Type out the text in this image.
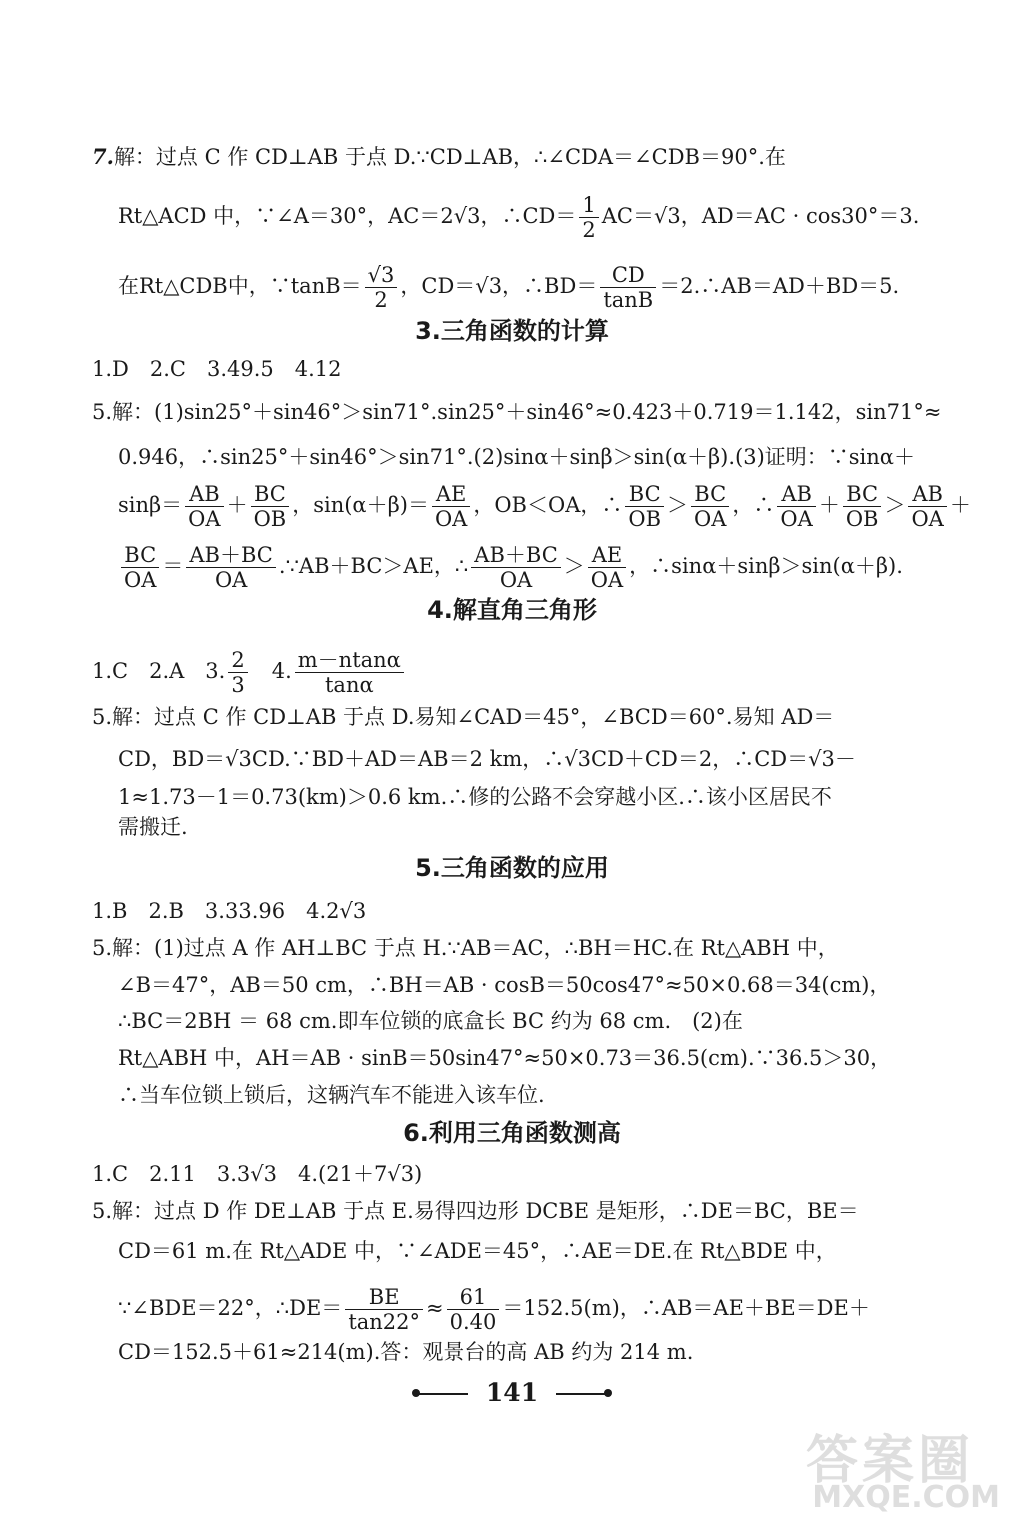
7.解：过点 C 作 CD⊥AB 于点 D.∵CD⊥AB，∴∠CDA＝∠CDB＝90°.在
Rt△ACD 中，∵∠A＝30°，AC＝2√3，∴CD＝ $\frac{1}{2} AC=√3$，AD＝AC · cos30°＝3.
在Rt△CDB中，∵tanB＝ $\frac{√3}{2}$ ，CD＝√3，∴BD＝ $\frac{CD}{\tan B}$ ＝2.∴AB＝AD＋BD＝5.
3.三角函数的计算
1.D　2.C　3.49.5　4.12
5.解：(1)sin25°＋sin46°＞sin71°.sin25°＋sin46°≈0.423＋0.719＝1.142，sin71°≈
0.946，∴sin25°＋sin46°＞sin71°.(2)sinα＋sinβ＞sin(α＋β).(3)证明：∵sinα＋
$\sin\beta= \frac{AB}{OA} + \frac{BC}{OB}$ ，$\sin(\alpha+\beta)= \frac{AE}{OA}$ ，OB＜OA，∴ $\frac{BC}{OB} > \frac{BC}{OA}$ ，∴ $\frac{AB}{OA} + \frac{BC}{OB} > \frac{AB}{OA}$ ＋
$\frac{BC}{OA} = \frac{AB+BC}{OA}$ .∵AB＋BC＞AE，∴ $\frac{AB+BC}{OA} > \frac{AE}{OA}$ ，∴sinα＋sinβ＞sin(α＋β).
4.解直角三角形
1.C　2.A　3. $\frac{2}{3}$ 　4. $\frac{m-ntan\alpha}{\tan\alpha}$
5.解：过点 C 作 CD⊥AB 于点 D.易知∠CAD＝45°，∠BCD＝60°.易知 AD＝
CD，BD＝√3CD.∵BD＋AD＝AB＝2 km，∴√3CD＋CD＝2，∴CD＝√3－
1≈1.73－1＝0.73(km)＞0.6 km.∴修的公路不会穿越小区.∴该小区居民不
需搬迁.
5.三角函数的应用
1.B　2.B　3.33.96　4.2√3
5.解：(1)过点 A 作 AH⊥BC 于点 H.∵AB＝AC，∴BH＝HC.在 Rt△ABH 中，
∠B＝47°，AB＝50 cm，∴BH＝AB · cosB＝50cos47°≈50×0.68＝34(cm)，
∴BC＝2BH ＝ 68 cm.即车位锁的底盒长 BC 约为 68 cm.　(2)在
Rt△ABH 中，AH＝AB · sinB＝50sin47°≈50×0.73＝36.5(cm).∵36.5＞30，
∴当车位锁上锁后，这辆汽车不能进入该车位.
6.利用三角函数测高
1.C　2.11　3.3√3　4.(21＋7√3)
5.解：过点 D 作 DE⊥AB 于点 E.易得四边形 DCBE 是矩形，∴DE＝BC，BE＝
CD＝61 m.在 Rt△ADE 中，∵∠ADE＝45°，∴AE＝DE.在 Rt△BDE 中，
∵∠BDE＝22°，∴DE＝ $\frac{BE}{\tan 22^\circ} \approx \frac{61}{0.40} =152.5(m)$，∴AB＝AE＋BE＝DE＋
CD＝152.5＋61≈214(m).答：观景台的高 AB 约为 214 m.
141
答案圈
MXQE.COM
